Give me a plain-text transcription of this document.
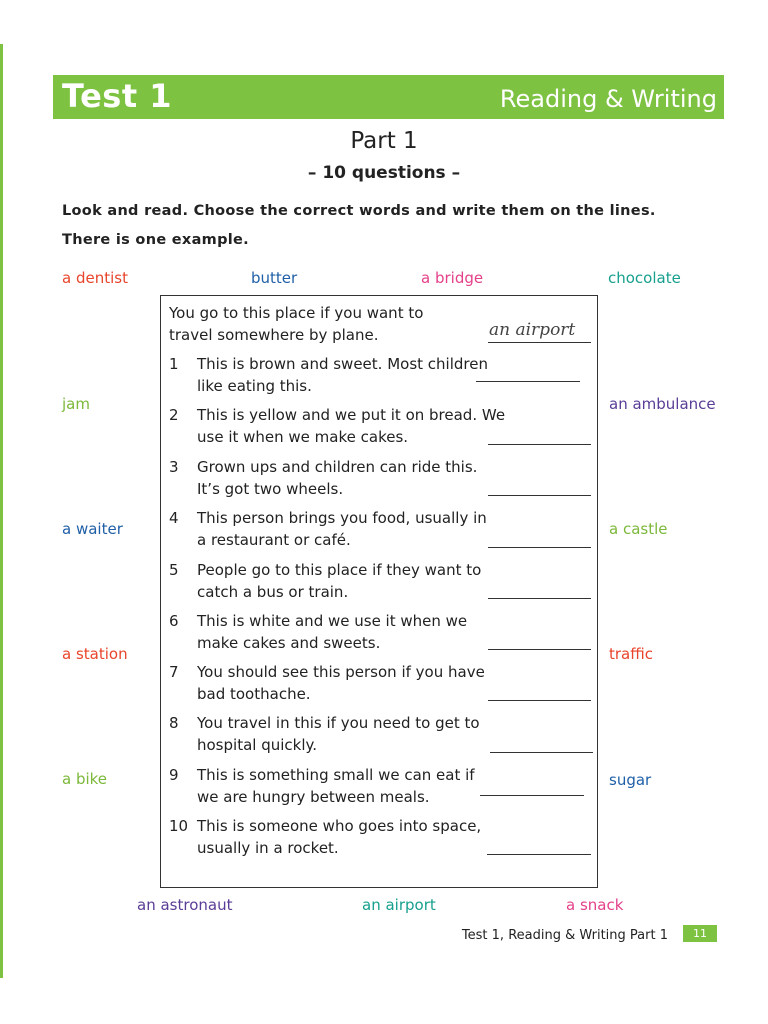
Test 1	Reading & Writing
Part 1
– 10 questions –
Look and read. Choose the correct words and write them on the lines.
There is one example.
a dentist	butter	a bridge	chocolate
jam	an ambulance
a waiter	a castle
a station	traffic
a bike	sugar
an astronaut	an airport	a snack
You go to this place if you want to travel somewhere by plane.	an airport
1	This is brown and sweet. Most children like eating this.
2	This is yellow and we put it on bread. We use it when we make cakes.
3	Grown ups and children can ride this. It’s got two wheels.
4	This person brings you food, usually in a restaurant or café.
5	People go to this place if they want to catch a bus or train.
6	This is white and we use it when we make cakes and sweets.
7	You should see this person if you have bad toothache.
8	You travel in this if you need to get to hospital quickly.
9	This is something small we can eat if we are hungry between meals.
10 This is someone who goes into space, usually in a rocket.
Test 1, Reading & Writing Part 1	11
